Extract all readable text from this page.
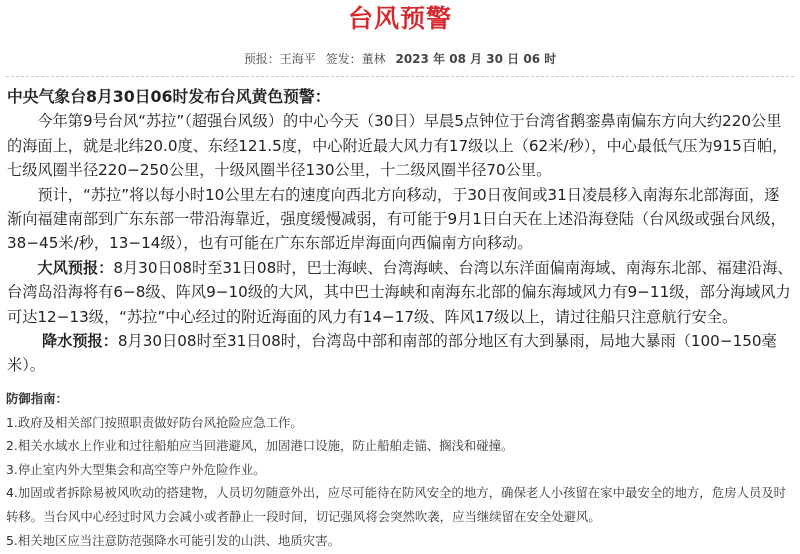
台风预警
预报：王海平 签发：董林 2023 年 08 月 30 日 06 时

中央气象台8月30日06时发布台风黄色预警：

今年第9号台风“苏拉”（超强台风级）的中心今天（30日）早晨5点钟位于台湾省鹅銮鼻南偏东方向大约220公里的海面上，就是北纬20.0度、东经121.5度，中心附近最大风力有17级以上（62米/秒），中心最低气压为915百帕，七级风圈半径220−250公里，十级风圈半径130公里，十二级风圈半径70公里。

预计，“苏拉”将以每小时10公里左右的速度向西北方向移动，于30日夜间或31日凌晨移入南海东北部海面，逐渐向福建南部到广东东部一带沿海靠近，强度缓慢减弱，有可能于9月1日白天在上述沿海登陆（台风级或强台风级，38−45米/秒，13−14级），也有可能在广东东部近岸海面向西偏南方向移动。

大风预报：8月30日08时至31日08时，巴士海峡、台湾海峡、台湾以东洋面偏南海域、南海东北部、福建沿海、台湾岛沿海将有6−8级、阵风9−10级的大风，其中巴士海峡和南海东北部的偏东海域风力有9−11级，部分海域风力可达12−13级，“苏拉”中心经过的附近海面的风力有14−17级、阵风17级以上，请过往船只注意航行安全。

降水预报：8月30日08时至31日08时，台湾岛中部和南部的部分地区有大到暴雨，局地大暴雨（100−150毫米）。

防御指南：

1.政府及相关部门按照职责做好防台风抢险应急工作。

2.相关水域水上作业和过往船舶应当回港避风，加固港口设施，防止船舶走锚、搁浅和碰撞。

3.停止室内外大型集会和高空等户外危险作业。

4.加固或者拆除易被风吹动的搭建物，人员切勿随意外出，应尽可能待在防风安全的地方，确保老人小孩留在家中最安全的地方，危房人员及时转移。当台风中心经过时风力会减小或者静止一段时间，切记强风将会突然吹袭，应当继续留在安全处避风。

5.相关地区应当注意防范强降水可能引发的山洪、地质灾害。
